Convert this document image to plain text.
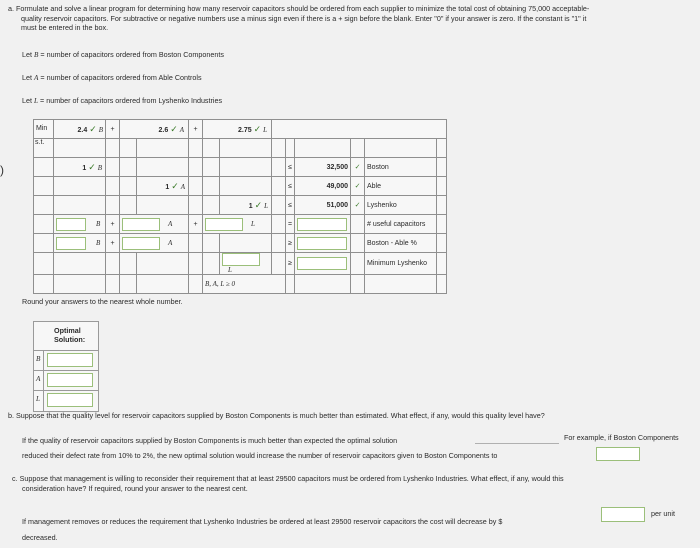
a. Formulate and solve a linear program for determining how many reservoir capacitors should be ordered from each supplier to minimize the total cost of obtaining 75,000 acceptable-
quality reservoir capacitors. For subtractive or negative numbers use a minus sign even if there is a + sign before the blank. Enter "0" if your answer is zero. If the constant is "1" it
must be entered in the box.
Let B = number of capacitors ordered from Boston Components
Let A = number of capacitors ordered from Able Controls
Let L = number of capacitors ordered from Lyshenko Industries
Min	2.4 ✓ B	+	2.6 ✓ A		+	2.75 ✓ L							
s.t.													
	1 ✓ B								≤	32,500	✓	Boston	
				1 ✓ A					≤	49,000	✓	Able	
							1 ✓ L		≤	51,000	✓	Lyshenko	
	B	+	A		+	L			=			# useful capacitors	
	B	+	A						≥			Boston - Able %	
							L		≥			Minimum Lyshenko	
						B, A, L ≥ 0							
)
Round your answers to the nearest whole number.
Optimal
Solution:
B
A
L
b. Suppose that the quality level for reservoir capacitors supplied by Boston Components is much better than estimated. What effect, if any, would this quality level have?
If the quality of reservoir capacitors supplied by Boston Components is much better than expected the optimal solution	For example, if Boston Components
reduced their defect rate from 10% to 2%, the new optimal solution would increase the number of reservoir capacitors given to Boston Components to
c. Suppose that management is willing to reconsider their requirement that at least 29500 capacitors must be ordered from Lyshenko Industries. What effect, if any, would this
consideration have? If required, round your answer to the nearest cent.
If management removes or reduces the requirement that Lyshenko Industries be ordered at least 29500 reservoir capacitors the cost will decrease by $
per unit
decreased.
